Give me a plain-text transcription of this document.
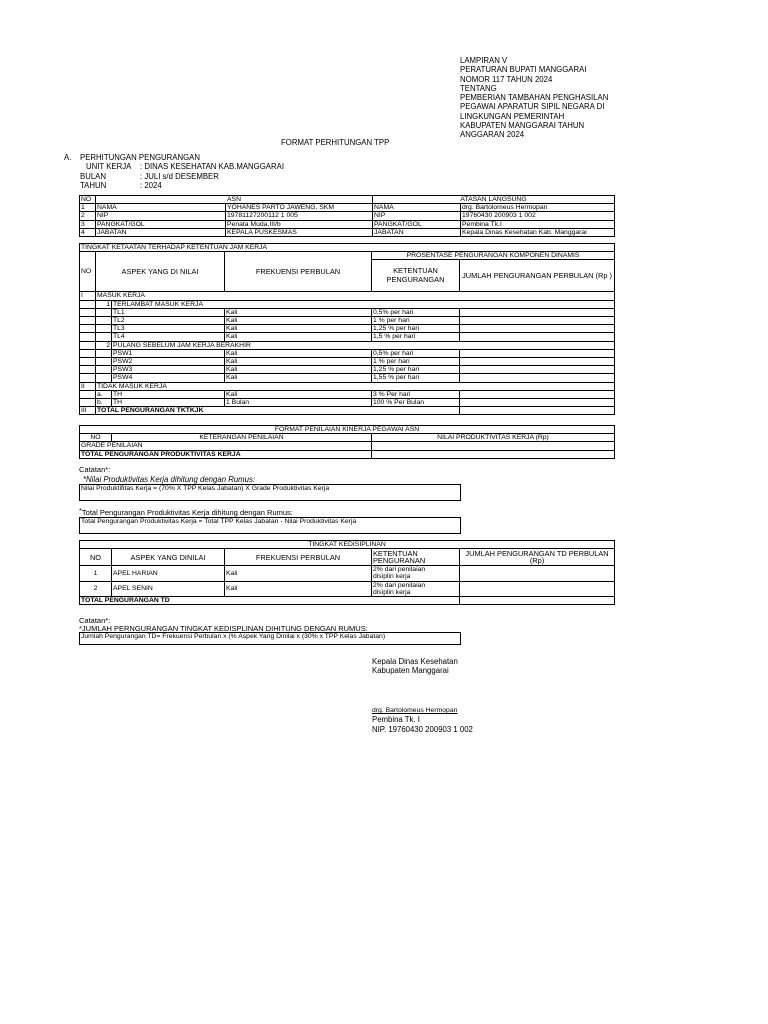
LAMPIRAN V
PERATURAN BUPATI MANGGARAI
NOMOR 117 TAHUN 2024
TENTANG
PEMBERIAN TAMBAHAN PENGHASILAN
PEGAWAI APARATUR SIPIL NEGARA DI
LINGKUNGAN PEMERINTAH
KABUPATEN MANGGARAI TAHUN
ANGGARAN 2024
FORMAT PERHITUNGAN TPP
A. PERHITUNGAN PENGURANGAN
UNIT KERJA : DINAS KESEHATAN KAB.MANGGARAI
BULAN	: JULI s/d DESEMBER
TAHUN	: 2024
NO	ASN		ATASAN LANGSUNG	
1	NAMA	YOHANES PARTO JAWENG, SKM	NAMA	drg. Bartolomeus Hermopan
2	NIP	19781127200112 1 005	NIP	19760430 200903 1 002
3	PANGKAT/GOL	Penata Muda,III/b	PANGKAT/GOL	Pembina Tk.I
4	JABATAN	KEPALA PUSKESMAS	JABATAN	Kepala Dinas Kesehatan Kab. Manggarai
TINGKAT KETAATAN TERHADAP KETENTUAN JAM KERJA					
NO	ASPEK YANG DI NILAI		FREKUENSI PERBULAN	PROSENTASE PENGURANGAN KOMPONEN DINAMIS	
				KETENTUAN PENGURANGAN	JUMLAH PENGURANGAN PERBULAN (Rp )
I	MASUK KERJA				
	1	TERLAMBAT MASUK KERJA			
		TL1	Kali	0,5% per hari	
		TL2	Kali	1 % per hari	
		TL3	Kali	1,25 % per hari	
		TL4	Kali	1,5 % per hari	
	2	PULANG SEBELUM JAM KERJA BERAKHIR			
		PSW1	Kali	0,5% per hari	
		PSW2	Kali	1 % per hari	
		PSW3	Kali	1,25 % per hari	
		PSW4	Kali	1,55 % per hari	
II	TIDAK MASUK KERJA				
	a.	TH	Kali	3 % Per hari	
	b.	TH	1 Bulan	100 % Per Bulan	
III	TOTAL PENGURANGAN TKTKJK				
FORMAT PENILAIAN KINERJA PEGAWAI ASN		
NO	KETERANGAN PENILAIAN	NILAI PRODUKTIVITAS KERJA (Rp)
GRADE PENILAIAN		
TOTAL PENGURANGAN PRODUKTIVITAS KERJA		
Catatan*:
*Nilai Produktivitas Kerja dihitung dengan Rumus:
Nilai Produktifitas Kerja = (70% X TPP Kelas Jabatan) X Grade Produktivitas Kerja
*Total Pengurangan Produktivitas Kerja dihitung dengan Rumus:
Total Pengurangan Produktivitas Kerja = Total TPP Kelas Jabatan - Nilai Produktivitas Kerja
TINGKAT KEDISIPLINAN				
NO	ASPEK YANG DINILAI	FREKUENSI PERBULAN	KETENTUAN PENGURANAN	JUMLAH PENGURANGAN TD PERBULAN (Rp)
1	APEL HARIAN	Kali	2% dari penilaian
disiplin kerja	

2	APEL SENIN	Kali	2% dari penilaian
disiplin kerja	

TOTAL PENGURANGAN TD				
Catatan*:
*JUMLAH PERNGURANGAN TINGKAT KEDISPLINAN DIHITUNG DENGAN RUMUS:
Jumlah Pengurangan TD= Frekuensi Perbulan x (% Aspek Yang Dinilai x (30% x TPP Kelas Jabatan)
Kepala Dinas Kesehatan
Kabupaten Manggarai
drg. Bartolomeus Hermopan
Pembina Tk. I
NIP. 19760430 200903 1 002
